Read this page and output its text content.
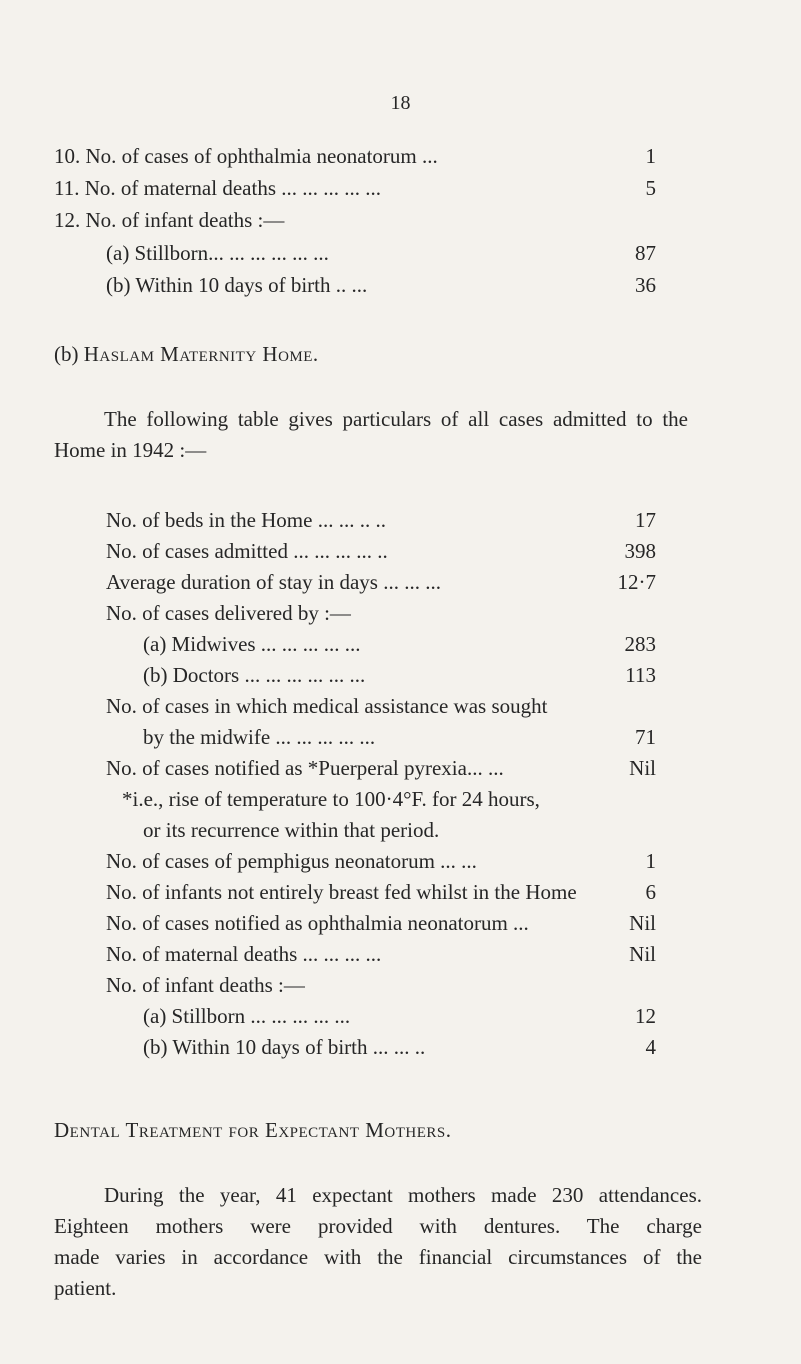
18
10. No. of cases of ophthalmia neonatorum ...	1
11. No. of maternal deaths ... ... ... ... ...	5
12. No. of infant deaths :—
(a) Stillborn... ... ... ... ... ...	87
(b) Within 10 days of birth .. ...	36
(b) Haslam Maternity Home.
The following table gives particulars of all cases admitted to the
Home in 1942 :—
No. of beds in the Home ... ... .. ..	17
No. of cases admitted ... ... ... ... ..	398
Average duration of stay in days ... ... ...	12·7
No. of cases delivered by :—
(a) Midwives ... ... ... ... ...	283
(b) Doctors ... ... ... ... ... ...	113
No. of cases in which medical assistance was sought
by the midwife ... ... ... ... ...	71
No. of cases notified as *Puerperal pyrexia... ...	Nil
*i.e., rise of temperature to 100·4°F. for 24 hours,
or its recurrence within that period.
No. of cases of pemphigus neonatorum ... ...	1
No. of infants not entirely breast fed whilst in the Home	6
No. of cases notified as ophthalmia neonatorum ...	Nil
No. of maternal deaths ... ... ... ...	Nil
No. of infant deaths :—
(a) Stillborn ... ... ... ... ...	12
(b) Within 10 days of birth ... ... ..	4
Dental Treatment for Expectant Mothers.
During the year, 41 expectant mothers made 230 attendances.
Eighteen mothers were provided with dentures. The charge
made varies in accordance with the financial circumstances of the
patient.
